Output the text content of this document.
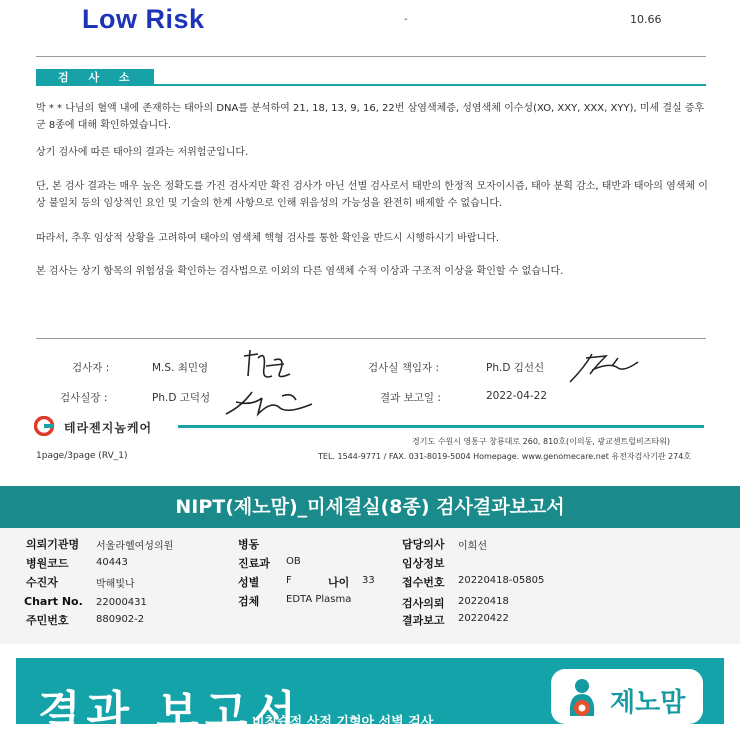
Low Risk	-	10.66
검 사 소 견
박 * * 나님의 혈액 내에 존재하는 태아의 DNA를 분석하여 21, 18, 13, 9, 16, 22번 삼염색체증, 성염색체 이수성(XO, XXY, XXX, XYY), 미세 결실 증후군 8종에 대해 확인하였습니다.
상기 검사에 따른 태아의 결과는 저위험군입니다.
단, 본 검사 결과는 매우 높은 정확도를 가진 검사지만 확진 검사가 아닌 선별 검사로서 태반의 한정적 모자이시즘, 태아 분획 감소, 태반과 태아의 염색체 이상 불일치 등의 임상적인 요인 및 기술의 한계 사항으로 인해 위음성의 가능성을 완전히 배제할 수 없습니다.
따라서, 추후 임상적 상황을 고려하여 태아의 염색체 핵형 검사를 통한 확인을 반드시 시행하시기 바랍니다.
본 검사는 상기 항목의 위험성을 확인하는 검사법으로 이외의 다른 염색체 수적 이상과 구조적 이상을 확인할 수 없습니다.
검사자 :	M.S. 최민영	검사실 책임자 :	Ph.D 김선신
검사실장 :	Ph.D 고덕성	결과 보고일 :	2022-04-22
테라젠지놈케어
경기도 수원시 영통구 창룡대로 260, 810호(이의동, 광교센트럴비즈타워)
TEL. 1544-9771 / FAX. 031-8019-5004 Homepage. www.genomecare.net 유전자검사기관 274호
1page/3page (RV_1)
NIPT(제노맘)_미세결실(8종) 검사결과보고서
의뢰기관명 서울라헬여성의원
병원코드	40443
수진자	박해빛나
Chart No. 22000431
주민번호	880902-2
병동
진료과 OB
성별	F	나이 33
검체	EDTA Plasma
담당의사 이희선
임상정보
접수번호 20220418-05805
검사의뢰 20220418
결과보고 20220422
결과 보고서
비침습적 산전 기형아 선별 검사
제노맘
